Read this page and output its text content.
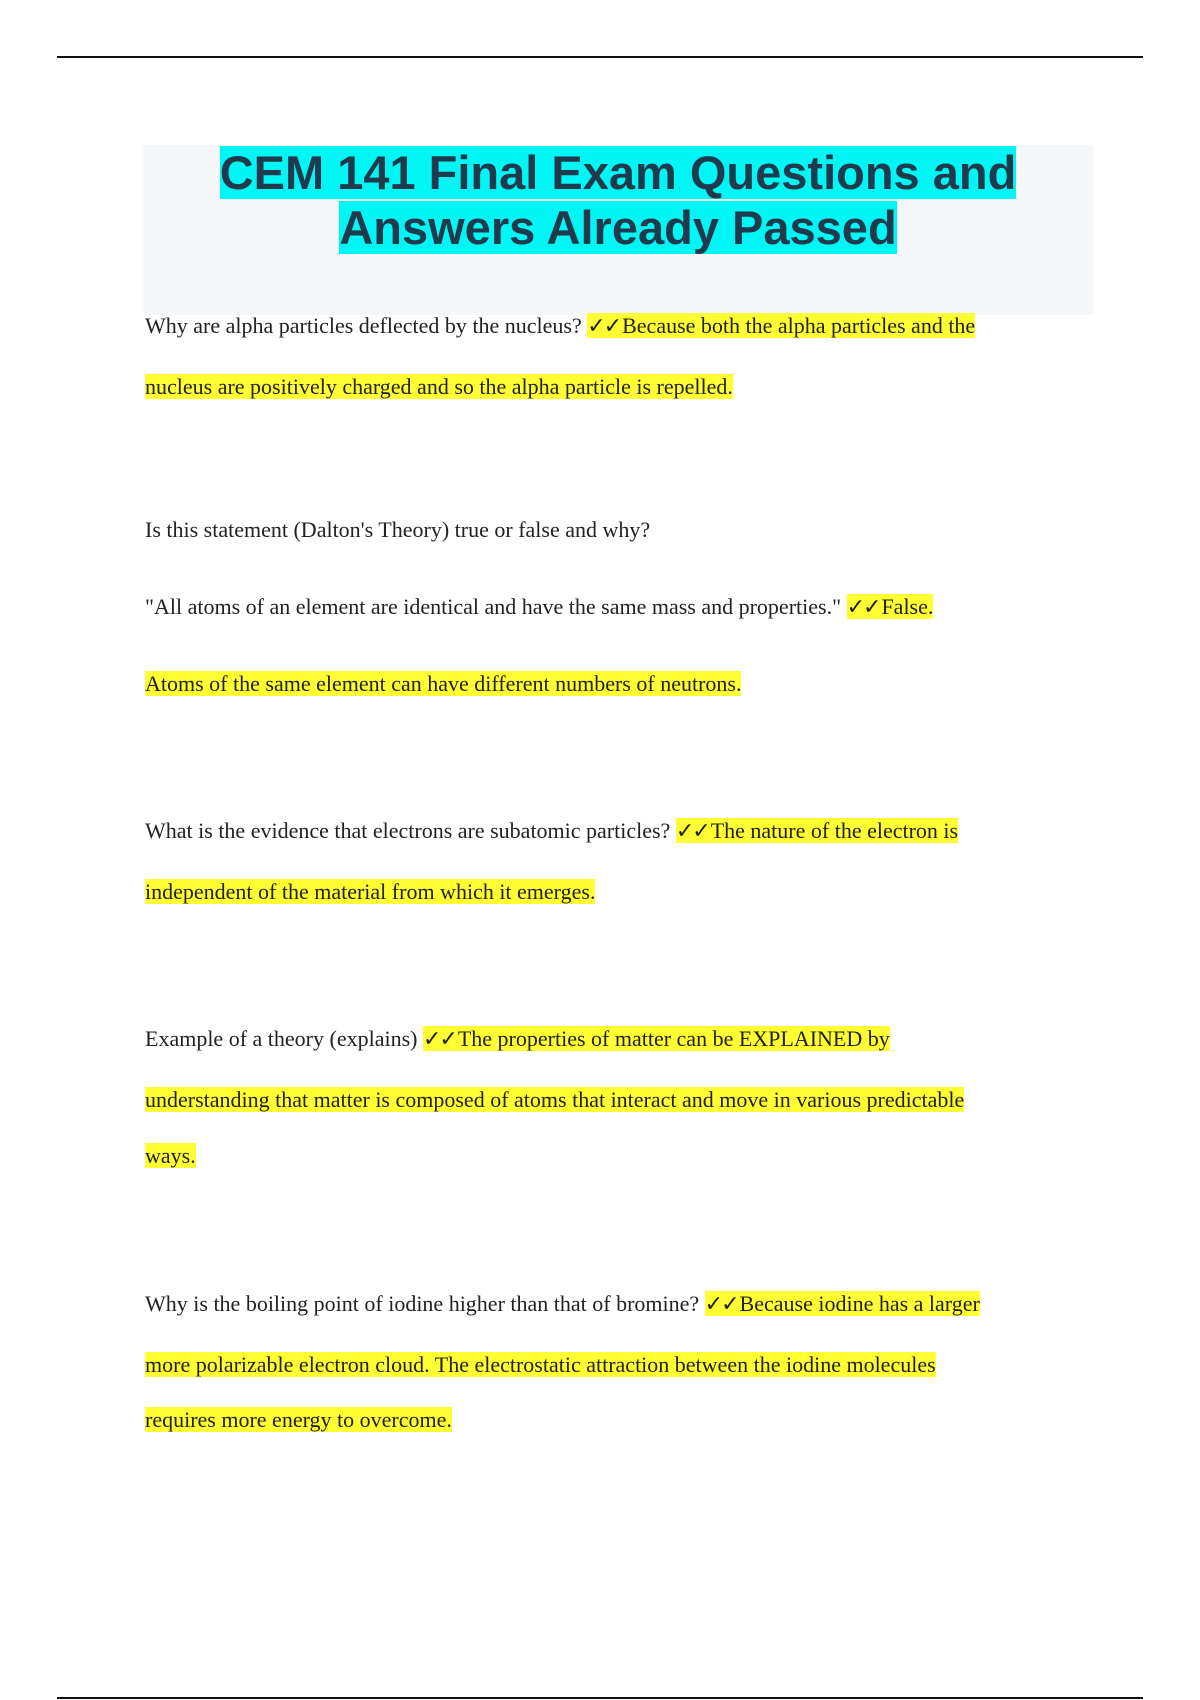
CEM 141 Final Exam Questions and
Answers Already Passed
Why are alpha particles deflected by the nucleus? ✓✓Because both the alpha particles and the
nucleus are positively charged and so the alpha particle is repelled.
Is this statement (Dalton's Theory) true or false and why?
"All atoms of an element are identical and have the same mass and properties." ✓✓False.
Atoms of the same element can have different numbers of neutrons.
What is the evidence that electrons are subatomic particles? ✓✓The nature of the electron is
independent of the material from which it emerges.
Example of a theory (explains) ✓✓The properties of matter can be EXPLAINED by
understanding that matter is composed of atoms that interact and move in various predictable
ways.
Why is the boiling point of iodine higher than that of bromine? ✓✓Because iodine has a larger
more polarizable electron cloud. The electrostatic attraction between the iodine molecules
requires more energy to overcome.
